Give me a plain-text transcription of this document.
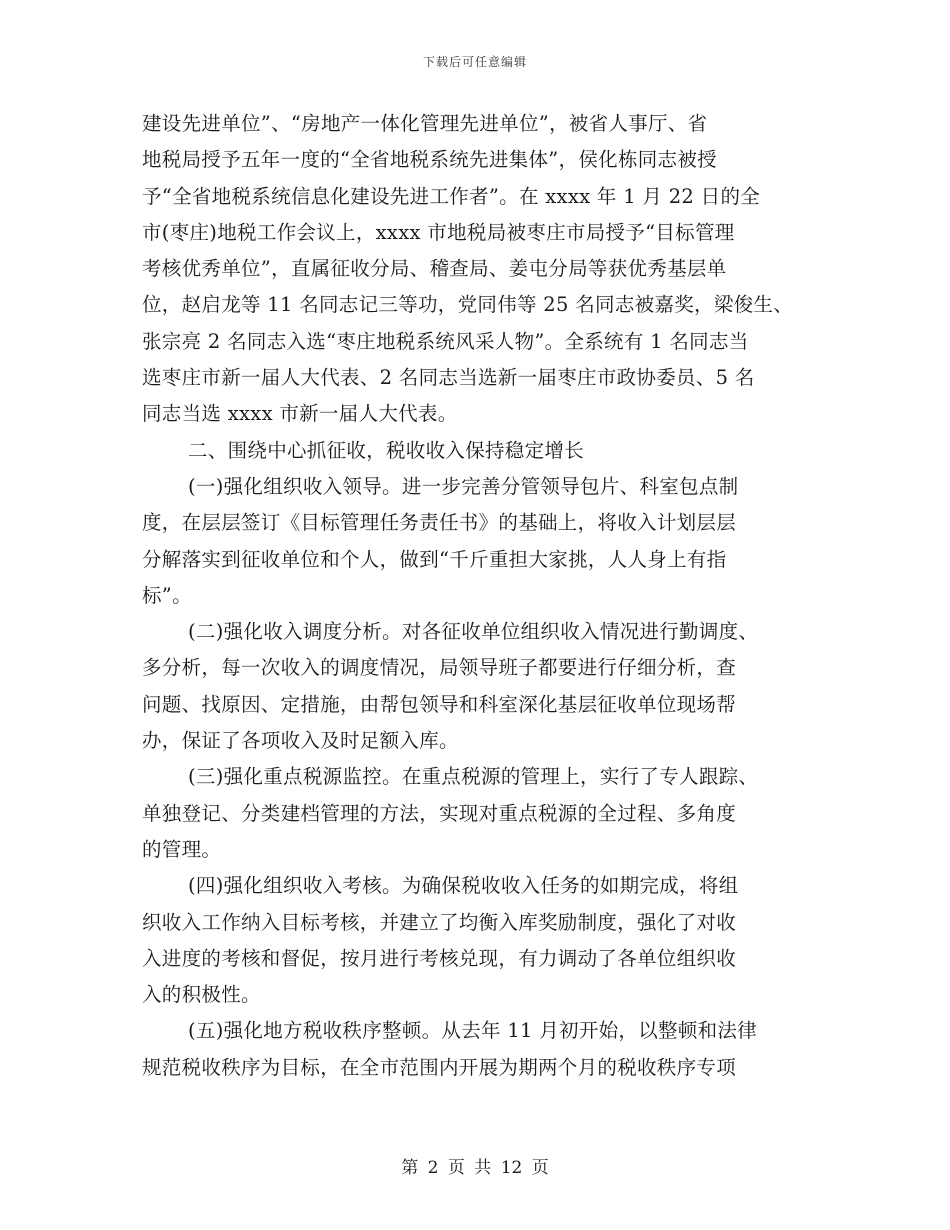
下载后可任意编辑
建设先进单位”、“房地产一体化管理先进单位”，被省人事厅、省
地税局授予五年一度的“全省地税系统先进集体”，侯化栋同志被授
予“全省地税系统信息化建设先进工作者”。在 xxxx 年 1 月 22 日的全
市(枣庄)地税工作会议上，xxxx 市地税局被枣庄市局授予“目标管理
考核优秀单位”，直属征收分局、稽查局、姜屯分局等获优秀基层单
位，赵启龙等 11 名同志记三等功，党同伟等 25 名同志被嘉奖，梁俊生、
张宗亮 2 名同志入选“枣庄地税系统风采人物”。全系统有 1 名同志当
选枣庄市新一届人大代表、2 名同志当选新一届枣庄市政协委员、5 名
同志当选 xxxx 市新一届人大代表。
二、围绕中心抓征收，税收收入保持稳定增长
(一)强化组织收入领导。进一步完善分管领导包片、科室包点制
度，在层层签订《目标管理任务责任书》的基础上，将收入计划层层
分解落实到征收单位和个人，做到“千斤重担大家挑，人人身上有指
标”。
(二)强化收入调度分析。对各征收单位组织收入情况进行勤调度、
多分析，每一次收入的调度情况，局领导班子都要进行仔细分析，查
问题、找原因、定措施，由帮包领导和科室深化基层征收单位现场帮
办，保证了各项收入及时足额入库。
(三)强化重点税源监控。在重点税源的管理上，实行了专人跟踪、
单独登记、分类建档管理的方法，实现对重点税源的全过程、多角度
的管理。
(四)强化组织收入考核。为确保税收收入任务的如期完成，将组
织收入工作纳入目标考核，并建立了均衡入库奖励制度，强化了对收
入进度的考核和督促，按月进行考核兑现，有力调动了各单位组织收
入的积极性。
(五)强化地方税收秩序整顿。从去年 11 月初开始，以整顿和法律
规范税收秩序为目标，在全市范围内开展为期两个月的税收秩序专项
第 2 页 共 12 页
